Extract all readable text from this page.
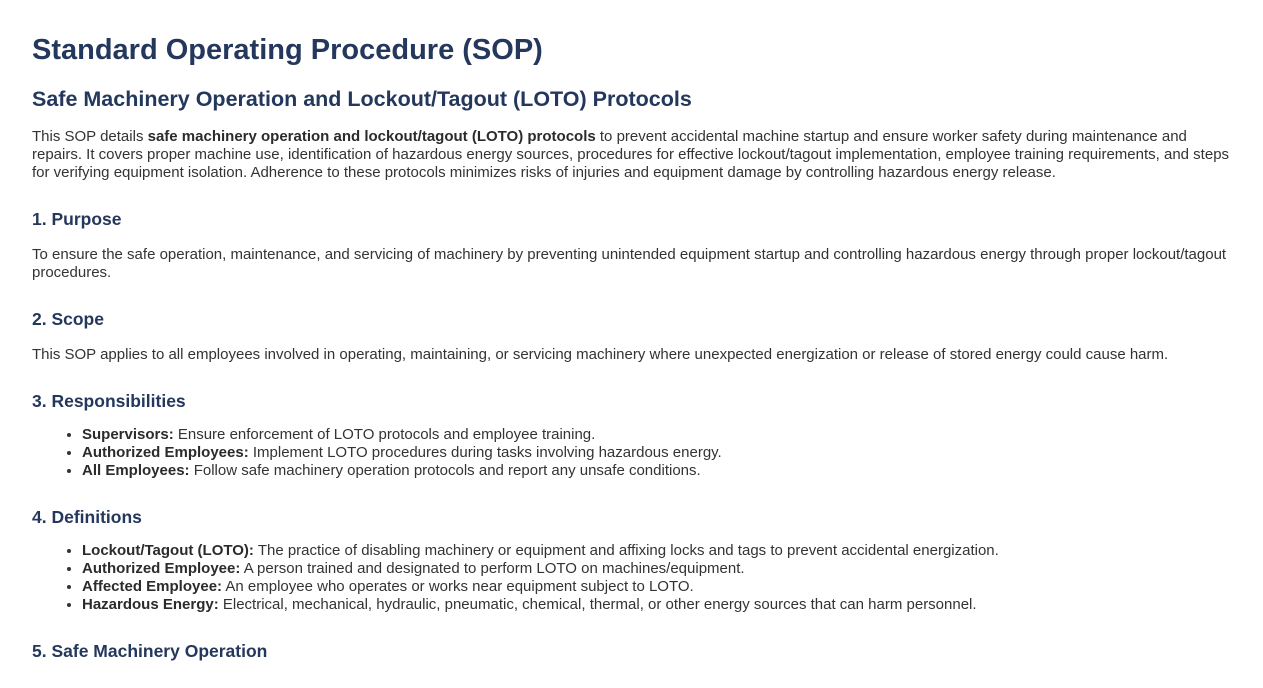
Standard Operating Procedure (SOP)
Safe Machinery Operation and Lockout/Tagout (LOTO) Protocols

This SOP details safe machinery operation and lockout/tagout (LOTO) protocols to prevent accidental machine startup and ensure worker safety during maintenance and repairs. It covers proper machine use, identification of hazardous energy sources, procedures for effective lockout/tagout implementation, employee training requirements, and steps for verifying equipment isolation. Adherence to these protocols minimizes risks of injuries and equipment damage by controlling hazardous energy release.

1. Purpose

To ensure the safe operation, maintenance, and servicing of machinery by preventing unintended equipment startup and controlling hazardous energy through proper lockout/tagout procedures.

2. Scope

This SOP applies to all employees involved in operating, maintaining, or servicing machinery where unexpected energization or release of stored energy could cause harm.

3. Responsibilities
• Supervisors: Ensure enforcement of LOTO protocols and employee training.
• Authorized Employees: Implement LOTO procedures during tasks involving hazardous energy.
• All Employees: Follow safe machinery operation protocols and report any unsafe conditions.
4. Definitions
• Lockout/Tagout (LOTO): The practice of disabling machinery or equipment and affixing locks and tags to prevent accidental energization.
• Authorized Employee: A person trained and designated to perform LOTO on machines/equipment.
• Affected Employee: An employee who operates or works near equipment subject to LOTO.
• Hazardous Energy: Electrical, mechanical, hydraulic, pneumatic, chemical, thermal, or other energy sources that can harm personnel.
5. Safe Machinery Operation
